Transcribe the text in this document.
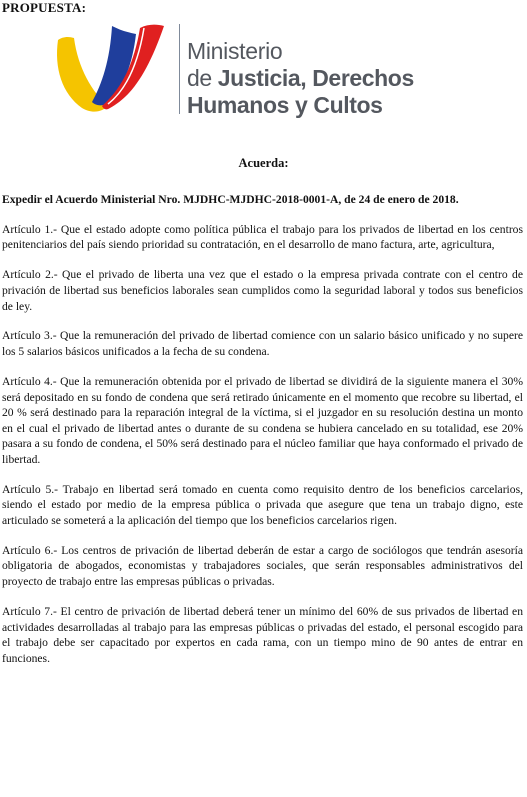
PROPUESTA:
Ministerio
de Justicia, Derechos
Humanos y Cultos
Acuerda:

Expedir el Acuerdo Ministerial Nro. MJDHC-MJDHC-2018-0001-A, de 24 de enero de 2018.

Artículo 1.- Que el estado adopte como política pública el trabajo para los privados de libertad en los centros penitenciarios del país siendo prioridad su contratación, en el desarrollo de mano factura, arte, agricultura,

Artículo 2.- Que el privado de liberta una vez que el estado o la empresa privada contrate con el centro de privación de libertad sus beneficios laborales sean cumplidos como la seguridad laboral y todos sus beneficios de ley.

Artículo 3.- Que la remuneración del privado de libertad comience con un salario básico unificado y no supere los 5 salarios básicos unificados a la fecha de su condena.

Artículo 4.- Que la remuneración obtenida por el privado de libertad se dividirá de la siguiente manera el 30% será depositado en su fondo de condena que será retirado únicamente en el momento que recobre su libertad, el 20 % será destinado para la reparación integral de la víctima, si el juzgador en su resolución destina un monto en el cual el privado de libertad antes o durante de su condena se hubiera cancelado en su totalidad, ese 20% pasara a su fondo de condena, el 50% será destinado para el núcleo familiar que haya conformado el privado de libertad.

Artículo 5.- Trabajo en libertad será tomado en cuenta como requisito dentro de los beneficios carcelarios, siendo el estado por medio de la empresa pública o privada que asegure que tena un trabajo digno, este articulado se someterá a la aplicación del tiempo que los beneficios carcelarios rigen.

Artículo 6.- Los centros de privación de libertad deberán de estar a cargo de sociólogos que tendrán asesoría obligatoria de abogados, economistas y trabajadores sociales, que serán responsables administrativos del proyecto de trabajo entre las empresas públicas o privadas.

Artículo 7.- El centro de privación de libertad deberá tener un mínimo del 60% de sus privados de libertad en actividades desarrolladas al trabajo para las empresas públicas o privadas del estado, el personal escogido para el trabajo debe ser capacitado por expertos en cada rama, con un tiempo mino de 90 antes de entrar en funciones.
